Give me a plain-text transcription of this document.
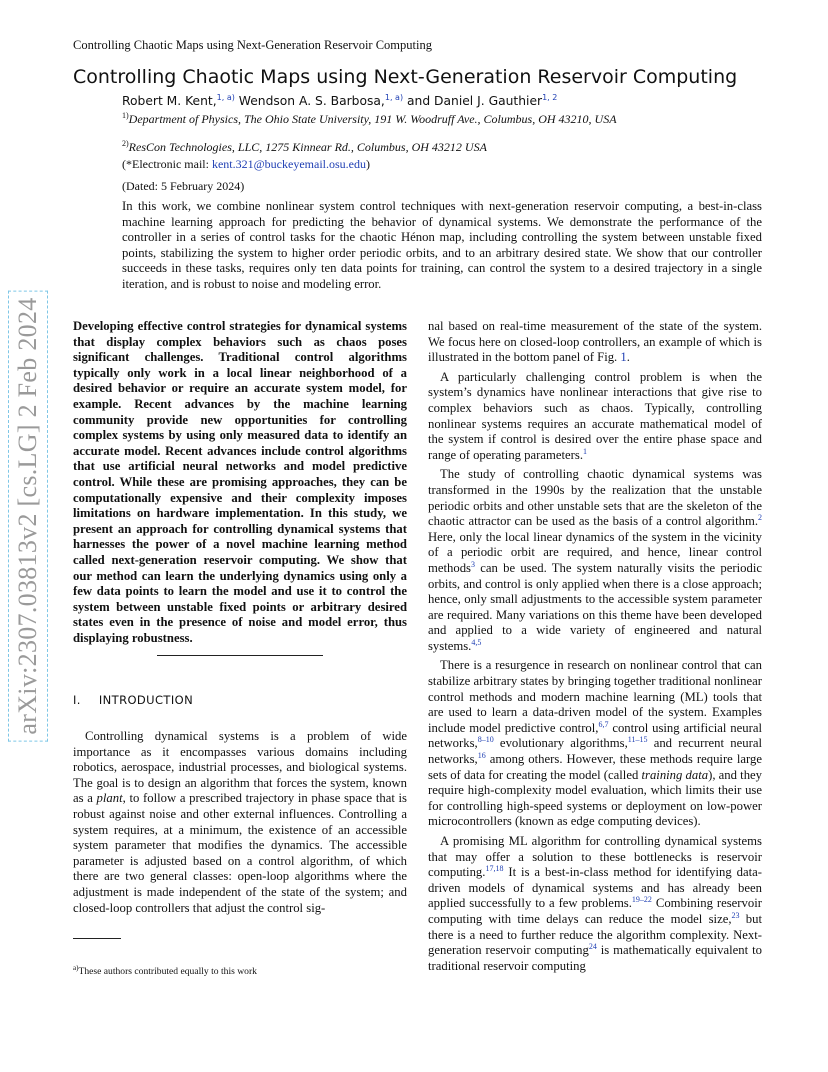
Controlling Chaotic Maps using Next-Generation Reservoir Computing
arXiv:2307.03813v2 [cs.LG] 2 Feb 2024
Controlling Chaotic Maps using Next-Generation Reservoir Computing
Robert M. Kent,$^{1, a)}$ Wendson A. S. Barbosa,$^{1, a)}$ and Daniel J. Gauthier$^{1, 2}$
$^{1)}$Department of Physics, The Ohio State University, 191 W. Woodruff Ave., Columbus, OH 43210, USA
$^{2)}$ResCon Technologies, LLC, 1275 Kinnear Rd., Columbus, OH 43212 USA
(*Electronic mail: kent.321@buckeyemail.osu.edu)
(Dated: 5 February 2024)
In this work, we combine nonlinear system control techniques with next-generation reservoir computing, a best-in-class machine learning approach for predicting the behavior of dynamical systems. We demonstrate the performance of the controller in a series of control tasks for the chaotic Hénon map, including controlling the system between unstable fixed points, stabilizing the system to higher order periodic orbits, and to an arbitrary desired state. We show that our controller succeeds in these tasks, requires only ten data points for training, can control the system to a desired trajectory in a single iteration, and is robust to noise and modeling error.

Developing effective control strategies for dynamical systems that display complex behaviors such as chaos poses significant challenges. Traditional control algorithms typically only work in a local linear neighborhood of a desired behavior or require an accurate system model, for example. Recent advances by the machine learning community provide new opportunities for controlling complex systems by using only measured data to identify an accurate model. Recent advances include control algorithms that use artificial neural networks and model predictive control. While these are promising approaches, they can be computationally expensive and their complexity imposes limitations on hardware implementation. In this study, we present an approach for controlling dynamical systems that harnesses the power of a novel machine learning method called next-generation reservoir computing. We show that our method can learn the underlying dynamics using only a few data points to learn the model and use it to control the system between unstable fixed points or arbitrary desired states even in the presence of noise and model error, thus displaying robustness.

I. INTRODUCTION

Controlling dynamical systems is a problem of wide importance as it encompasses various domains including robotics, aerospace, industrial processes, and biological systems. The goal is to design an algorithm that forces the system, known as a plant, to follow a prescribed trajectory in phase space that is robust against noise and other external influences. Controlling a system requires, at a minimum, the existence of an accessible system parameter that modifies the dynamics. The accessible parameter is adjusted based on a control algorithm, of which there are two general classes: open-loop algorithms where the adjustment is made independent of the state of the system; and closed-loop controllers that adjust the control sig-

$^{a)}$These authors contributed equally to this work

nal based on real-time measurement of the state of the system. We focus here on closed-loop controllers, an example of which is illustrated in the bottom panel of Fig. 1.

A particularly challenging control problem is when the system’s dynamics have nonlinear interactions that give rise to complex behaviors such as chaos. Typically, controlling nonlinear systems requires an accurate mathematical model of the system if control is desired over the entire phase space and range of operating parameters.$^1$

The study of controlling chaotic dynamical systems was transformed in the 1990s by the realization that the unstable periodic orbits and other unstable sets that are the skeleton of the chaotic attractor can be used as the basis of a control algorithm.$^2$ Here, only the local linear dynamics of the system in the vicinity of a periodic orbit are required, and hence, linear control methods$^3$ can be used. The system naturally visits the periodic orbits, and control is only applied when there is a close approach; hence, only small adjustments to the accessible system parameter are required. Many variations on this theme have been developed and applied to a wide variety of engineered and natural systems.$^{4,5}$

There is a resurgence in research on nonlinear control that can stabilize arbitrary states by bringing together traditional nonlinear control methods and modern machine learning (ML) tools that are used to learn a data-driven model of the system. Examples include model predictive control,$^{6,7}$ control using artificial neural networks,$^{8-10}$ evolutionary algorithms,$^{11-15}$ and recurrent neural networks,$^{16}$ among others. However, these methods require large sets of data for creating the model (called training data), and they require high-complexity model evaluation, which limits their use for controlling high-speed systems or deployment on low-power microcontrollers (known as edge computing devices).

A promising ML algorithm for controlling dynamical systems that may offer a solution to these bottlenecks is reservoir computing.$^{17,18}$ It is a best-in-class method for identifying data-driven models of dynamical systems and has already been applied successfully to a few problems.$^{19-22}$ Combining reservoir computing with time delays can reduce the model size,$^{23}$ but there is a need to further reduce the algorithm complexity. Next-generation reservoir computing$^{24}$ is mathematically equivalent to traditional reservoir computing
